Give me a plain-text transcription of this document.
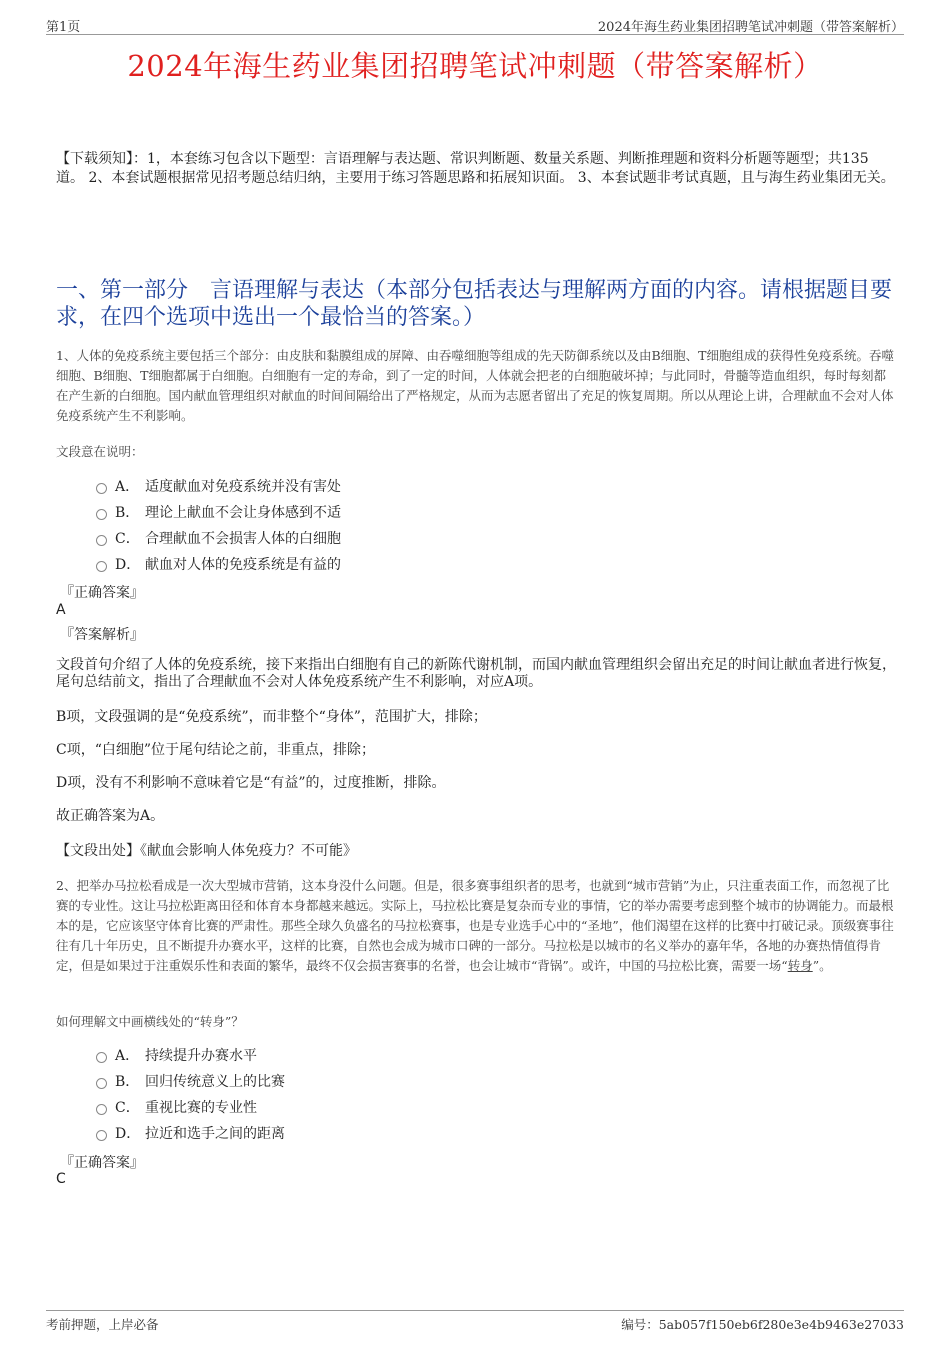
第1页	2024年海生药业集团招聘笔试冲刺题（带答案解析）
2024年海生药业集团招聘笔试冲刺题（带答案解析）
【下载须知】：1，本套练习包含以下题型：言语理解与表达题、常识判断题、数量关系题、判断推理题和资料分析题等题型；共135道。 2、本套试题根据常见招考题总结归纳，主要用于练习答题思路和拓展知识面。 3、本套试题非考试真题，且与海生药业集团无关。
一、第一部分　言语理解与表达（本部分包括表达与理解两方面的内容。请根据题目要求，在四个选项中选出一个最恰当的答案。）
1、人体的免疫系统主要包括三个部分：由皮肤和黏膜组成的屏障、由吞噬细胞等组成的先天防御系统以及由B细胞、T细胞组成的获得性免疫系统。吞噬细胞、B细胞、T细胞都属于白细胞。白细胞有一定的寿命，到了一定的时间，人体就会把老的白细胞破坏掉；与此同时，骨髓等造血组织，每时每刻都在产生新的白细胞。国内献血管理组织对献血的时间间隔给出了严格规定，从而为志愿者留出了充足的恢复周期。所以从理论上讲，合理献血不会对人体免疫系统产生不利影响。
文段意在说明：
A． 适度献血对免疫系统并没有害处
B． 理论上献血不会让身体感到不适
C． 合理献血不会损害人体的白细胞
D． 献血对人体的免疫系统是有益的
『正确答案』
A
『答案解析』
文段首句介绍了人体的免疫系统，接下来指出白细胞有自己的新陈代谢机制，而国内献血管理组织会留出充足的时间让献血者进行恢复，尾句总结前文，指出了合理献血不会对人体免疫系统产生不利影响，对应A项。
B项，文段强调的是“免疫系统”，而非整个“身体”，范围扩大，排除；
C项，“白细胞”位于尾句结论之前，非重点，排除；
D项，没有不利影响不意味着它是“有益”的，过度推断，排除。
故正确答案为A。
【文段出处】《献血会影响人体免疫力？不可能》
2、把举办马拉松看成是一次大型城市营销，这本身没什么问题。但是，很多赛事组织者的思考，也就到“城市营销”为止，只注重表面工作，而忽视了比赛的专业性。这让马拉松距离田径和体育本身都越来越远。实际上，马拉松比赛是复杂而专业的事情，它的举办需要考虑到整个城市的协调能力。而最根本的是，它应该坚守体育比赛的严肃性。那些全球久负盛名的马拉松赛事，也是专业选手心中的“圣地”，他们渴望在这样的比赛中打破记录。顶级赛事往往有几十年历史，且不断提升办赛水平，这样的比赛，自然也会成为城市口碑的一部分。马拉松是以城市的名义举办的嘉年华，各地的办赛热情值得肯定，但是如果过于注重娱乐性和表面的繁华，最终不仅会损害赛事的名誉，也会让城市“背锅”。或许，中国的马拉松比赛，需要一场“转身”。
如何理解文中画横线处的“转身”？
A． 持续提升办赛水平
B． 回归传统意义上的比赛
C． 重视比赛的专业性
D． 拉近和选手之间的距离
『正确答案』
C
考前押题，上岸必备	编号：5ab057f150eb6f280e3e4b9463e27033
